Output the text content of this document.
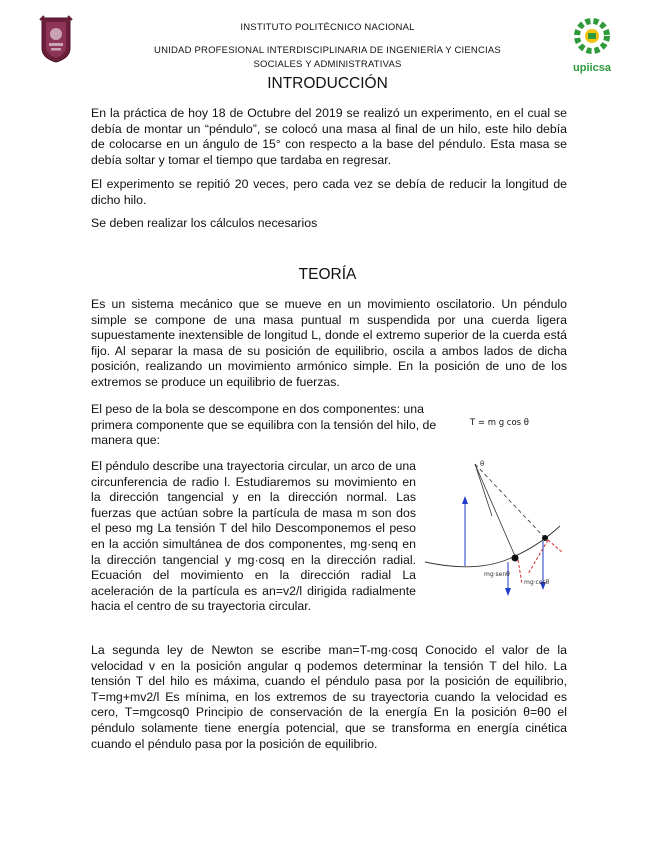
upiicsa
INSTITUTO POLITÉCNICO NACIONAL
UNIDAD PROFESIONAL INTERDISCIPLINARIA DE INGENIERÍA Y CIENCIAS
SOCIALES Y ADMINISTRATIVAS
INTRODUCCIÓN

En la práctica de hoy 18 de Octubre del 2019 se realizó un experimento, en el cual se debía de montar un “péndulo”, se colocó una masa al final de un hilo, este hilo debía de colocarse en un ángulo de 15° con respecto a la base del péndulo. Esta masa se debía soltar y tomar el tiempo que tardaba en regresar.

El experimento se repitió 20 veces, pero cada vez se debía de reducir la longitud de dicho hilo.

Se deben realizar los cálculos necesarios

TEORÍA

Es un sistema mecánico que se mueve en un movimiento oscilatorio. Un péndulo simple se compone de una masa puntual m suspendida por una cuerda ligera supuestamente inextensible de longitud L, donde el extremo superior de la cuerda está fijo. Al separar la masa de su posición de equilibrio, oscila a ambos lados de dicha posición, realizando un movimiento armónico simple. En la posición de uno de los extremos se produce un equilibrio de fuerzas.

El peso de la bola se descompone en dos componentes: una primera componente que se equilibra con la tensión del hilo, de manera que:

T = m g cos θ

El péndulo describe una trayectoria circular, un arco de una circunferencia de radio l. Estudiaremos su movimiento en la dirección tangencial y en la dirección normal. Las fuerzas que actúan sobre la partícula de masa m son dos el peso mg La tensión T del hilo Descomponemos el peso en la acción simultánea de dos componentes, mg·senq en la dirección tangencial y mg·cosq en la dirección radial. Ecuación del movimiento en la dirección radial La aceleración de la partícula es an=v2/l dirigida radialmente hacia el centro de su trayectoria circular.

θ
mg·senθ
mg·cosθ

La segunda ley de Newton se escribe man=T-mg·cosq Conocido el valor de la velocidad v en la posición angular q podemos determinar la tensión T del hilo. La tensión T del hilo es máxima, cuando el péndulo pasa por la posición de equilibrio, T=mg+mv2/l Es mínima, en los extremos de su trayectoria cuando la velocidad es cero, T=mgcosq0 Principio de conservación de la energía En la posición θ=θ0 el péndulo solamente tiene energía potencial, que se transforma en energía cinética cuando el péndulo pasa por la posición de equilibrio.
